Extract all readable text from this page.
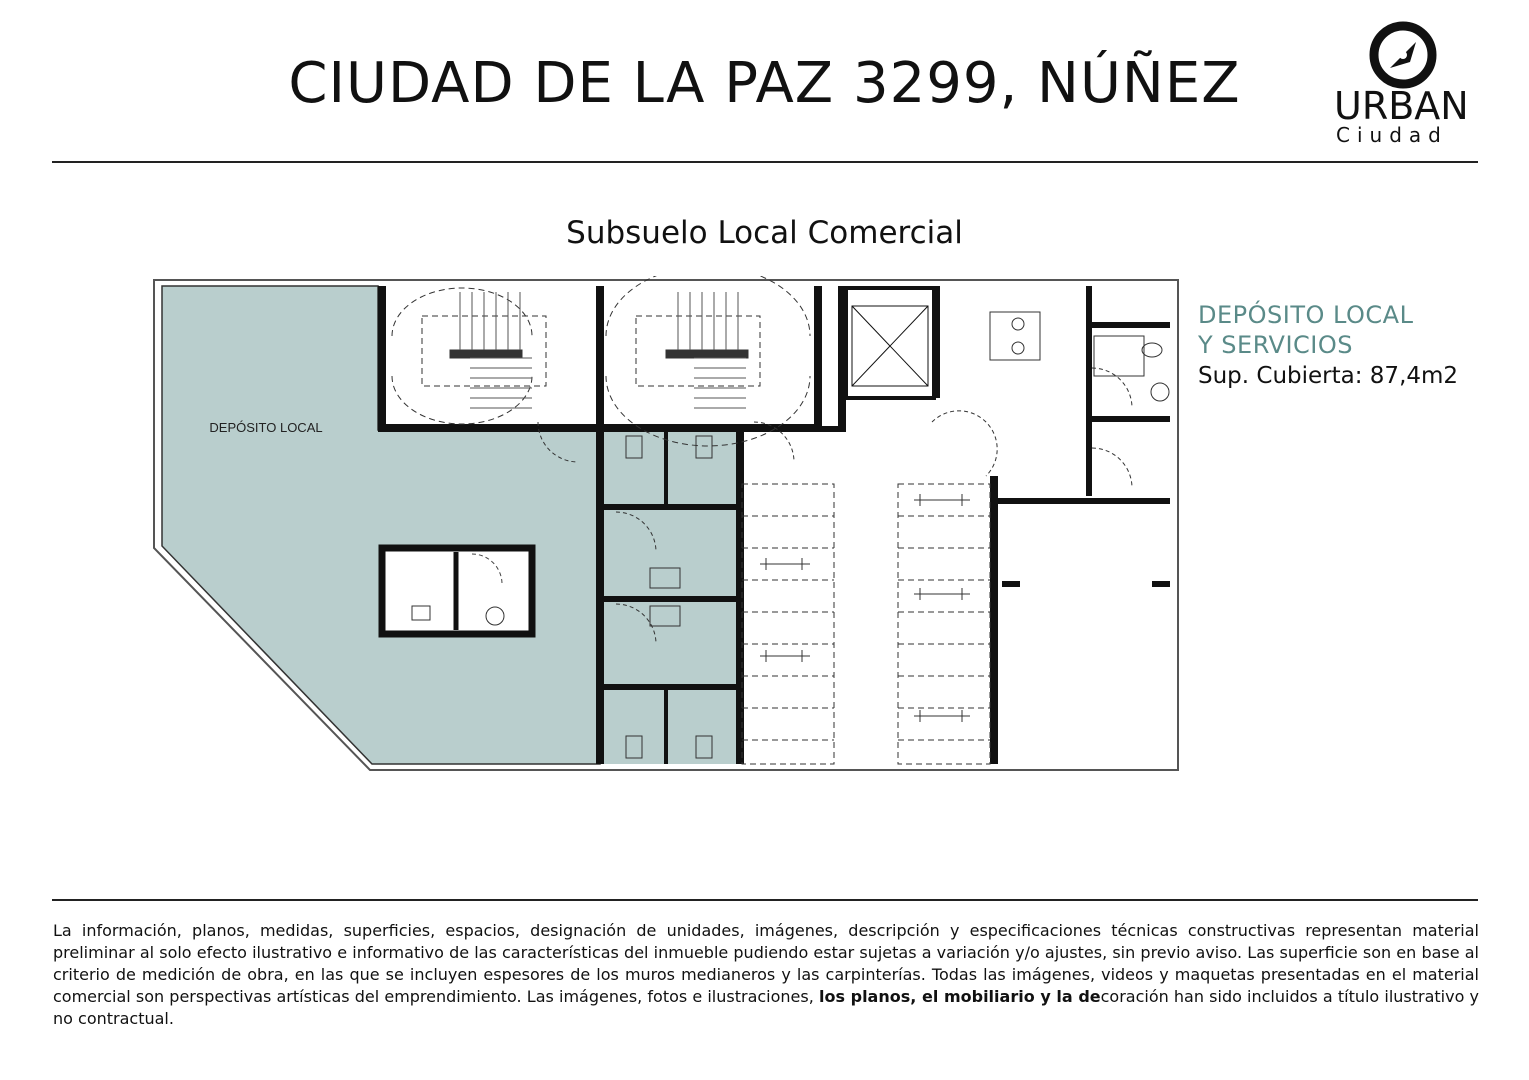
CIUDAD DE LA PAZ 3299, NÚÑEZ	URBAN
Ciudad
Subsuelo Local Comercial
DEPÓSITO LOCAL
Y SERVICIOS
Sup. Cubierta: 87,4m2
DEPÓSITO LOCAL
La información, planos, medidas, superficies, espacios, designación de unidades, imágenes, descripción y especificaciones técnicas constructivas representan material preliminar al solo efecto ilustrativo e informativo de las características del inmueble pudiendo estar sujetas a variación y/o ajustes, sin previo aviso. Las superficie son en base al criterio de medición de obra, en las que se incluyen espesores de los muros medianeros y las carpinterías. Todas las imágenes, videos y maquetas presentadas en el material comercial son perspectivas artísticas del emprendimiento. Las imágenes, fotos e ilustraciones, los planos, el mobiliario y la decoración han sido incluidos a título ilustrativo y no contractual.
